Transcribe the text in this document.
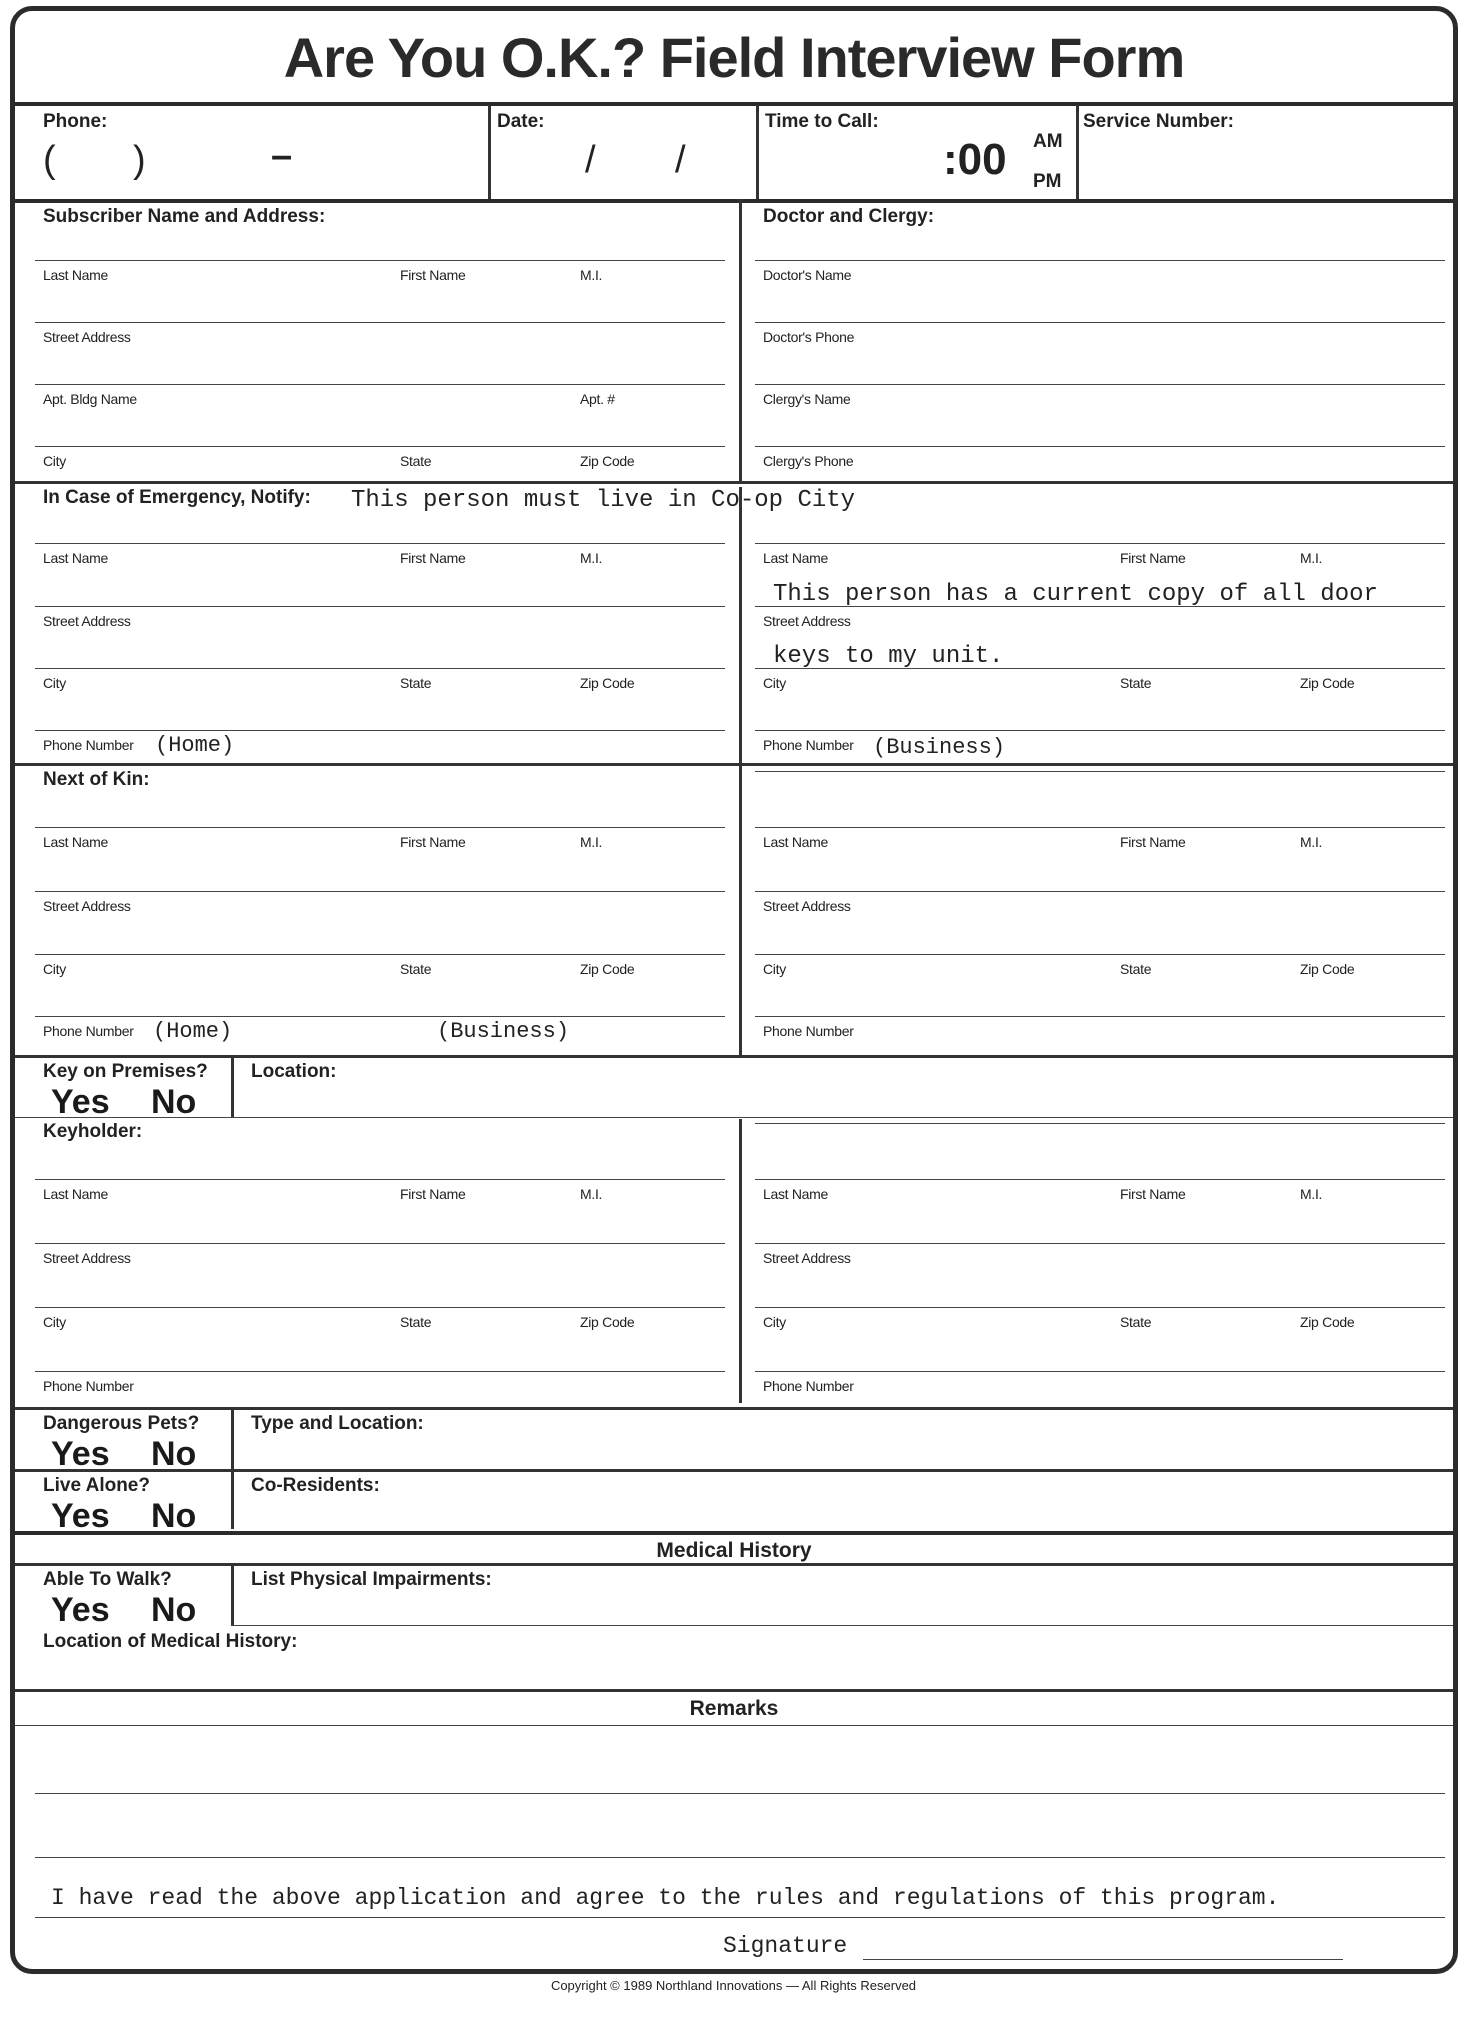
Are You O.K.? Field Interview Form
Phone:
( )	–
Date:
/ /
Time to Call:
:00 AM
PM
Service Number:
Subscriber Name and Address:	Doctor and Clergy:
Last Name	First Name	M.I.
Street Address
Apt. Bldg Name	Apt. #
City	State	Zip Code
Doctor's Name
Doctor's Phone
Clergy's Name
Clergy's Phone
In Case of Emergency, Notify: This person must live in Co-op City
Last Name	First Name	M.I.
Street Address
City	State	Zip Code
Phone Number (Home)
Last Name	First Name	M.I.
This person has a current copy of all door
Street Address
keys to my unit.
City	State	Zip Code
Phone Number (Business)
Next of Kin:
Last Name	First Name	M.I.
Street Address
City	State	Zip Code
Phone Number (Home)	(Business)
Last Name	First Name	M.I.
Street Address
City	State	Zip Code
Phone Number
Key on Premises?
Yes No
Location:
Keyholder:
Last Name	First Name	M.I.
Street Address
City	State	Zip Code
Phone Number
Last Name	First Name	M.I.
Street Address
City	State	Zip Code
Phone Number
Dangerous Pets?
Yes No
Type and Location:
Live Alone?
Yes No
Co-Residents:
Medical History
Able To Walk?
Yes No
List Physical Impairments:
Location of Medical History:
Remarks
I have read the above application and agree to the rules and regulations of this program.
Signature
Copyright © 1989 Northland Innovations — All Rights Reserved
